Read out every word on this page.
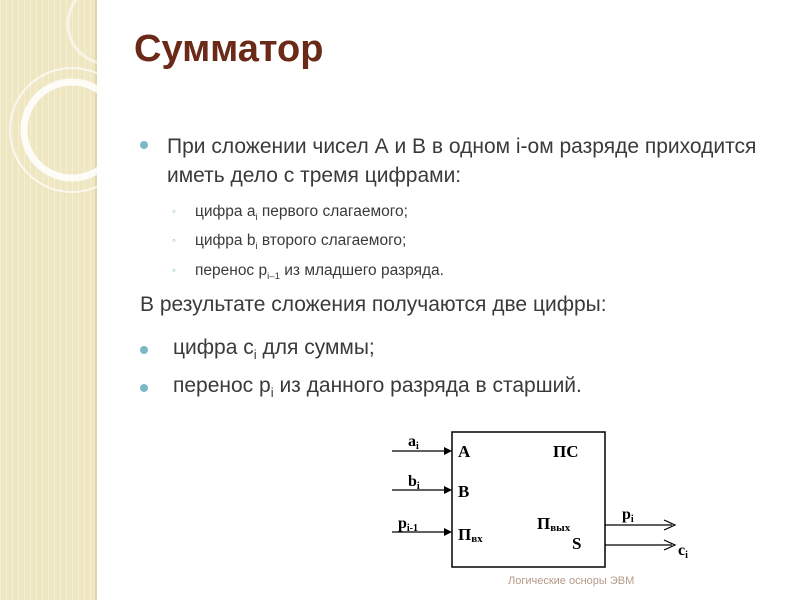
Сумматор
При сложении чисел А и В в одном i-ом разряде приходится иметь дело с тремя цифрами:
◦ цифра $a_i$ первого слагаемого;
◦ цифра $b_i$ второго слагаемого;
◦ перенос $p_{i-1}$ из младшего разряда.
В результате сложения получаются две цифры:
цифра $c_i$ для суммы;
перенос $p_i$ из данного разряда в старший.
ai
bi
pi-1
A
B
Пвх
ПС
Пвых
S
pi
ci
Логические осноры ЭВМ
